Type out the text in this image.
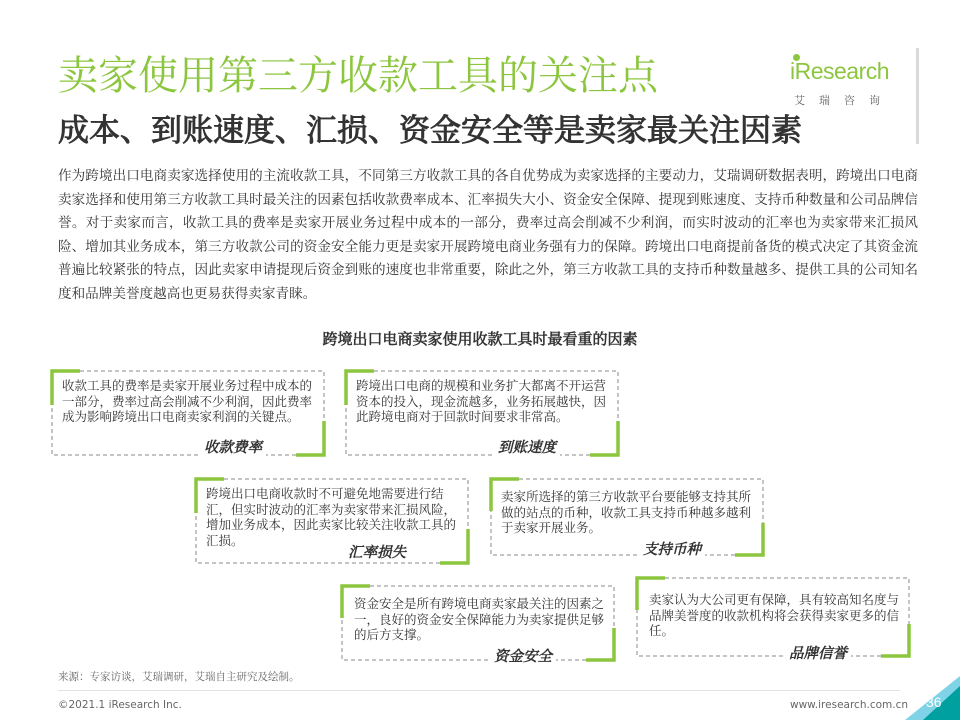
卖家使用第三方收款工具的关注点
成本、到账速度、汇损、资金安全等是卖家最关注因素
iResearch
艾瑞咨询

作为跨境出口电商卖家选择使用的主流收款工具，不同第三方收款工具的各自优势成为卖家选择的主要动力，艾瑞调研数据表明，跨境出口电商卖家选择和使用第三方收款工具时最关注的因素包括收款费率成本、汇率损失大小、资金安全保障、提现到账速度、支持币种数量和公司品牌信誉。对于卖家而言，收款工具的费率是卖家开展业务过程中成本的一部分，费率过高会削减不少利润，而实时波动的汇率也为卖家带来汇损风险、增加其业务成本，第三方收款公司的资金安全能力更是卖家开展跨境电商业务强有力的保障。跨境出口电商提前备货的模式决定了其资金流普遍比较紧张的特点，因此卖家申请提现后资金到账的速度也非常重要，除此之外，第三方收款工具的支持币种数量越多、提供工具的公司知名度和品牌美誉度越高也更易获得卖家青睐。

跨境出口电商卖家使用收款工具时最看重的因素

收款工具的费率是卖家开展业务过程中成本的一部分，费率过高会削减不少利润，因此费率成为影响跨境出口电商卖家利润的关键点。

收款费率

跨境出口电商的规模和业务扩大都离不开运营资本的投入，现金流越多，业务拓展越快，因此跨境电商对于回款时间要求非常高。

到账速度

跨境出口电商收款时不可避免地需要进行结汇，但实时波动的汇率为卖家带来汇损风险，增加业务成本，因此卖家比较关注收款工具的汇损。

汇率损失

卖家所选择的第三方收款平台要能够支持其所做的站点的币种，收款工具支持币种越多越利于卖家开展业务。

支持币种

资金安全是所有跨境电商卖家最关注的因素之一，良好的资金安全保障能力为卖家提供足够的后方支撑。

资金安全

卖家认为大公司更有保障，具有较高知名度与品牌美誉度的收款机构将会获得卖家更多的信任。

品牌信誉

来源：专家访谈，艾瑞调研，艾瑞自主研究及绘制。

©2021.1 iResearch Inc.	www.iresearch.com.cn 36
